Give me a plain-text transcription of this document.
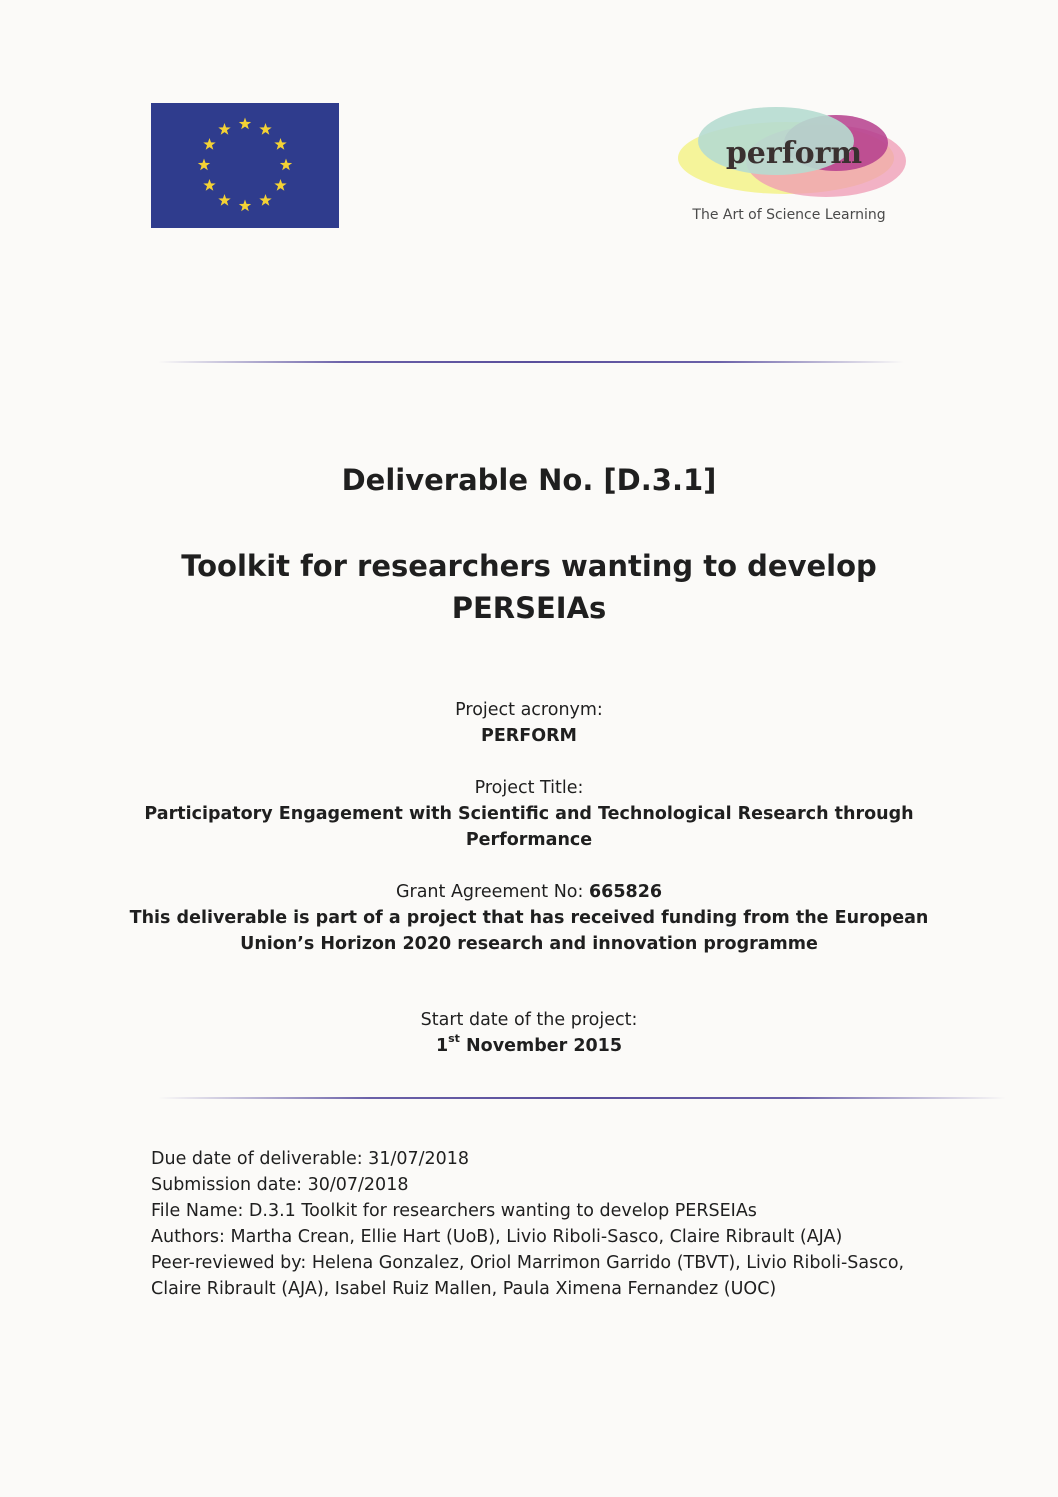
perform
The Art of Science Learning
Deliverable No. [D.3.1]
Toolkit for researchers wanting to develop
PERSEIAs
Project acronym:
PERFORM
Project Title:
Participatory Engagement with Scientific and Technological Research through
Performance
Grant Agreement No: 665826
This deliverable is part of a project that has received funding from the European
Union’s Horizon 2020 research and innovation programme
Start date of the project:
1st November 2015
Due date of deliverable: 31/07/2018
Submission date: 30/07/2018
File Name: D.3.1 Toolkit for researchers wanting to develop PERSEIAs
Authors: Martha Crean, Ellie Hart (UoB), Livio Riboli-Sasco, Claire Ribrault (AJA)
Peer-reviewed by: Helena Gonzalez, Oriol Marrimon Garrido (TBVT), Livio Riboli-Sasco,
Claire Ribrault (AJA), Isabel Ruiz Mallen, Paula Ximena Fernandez (UOC)
